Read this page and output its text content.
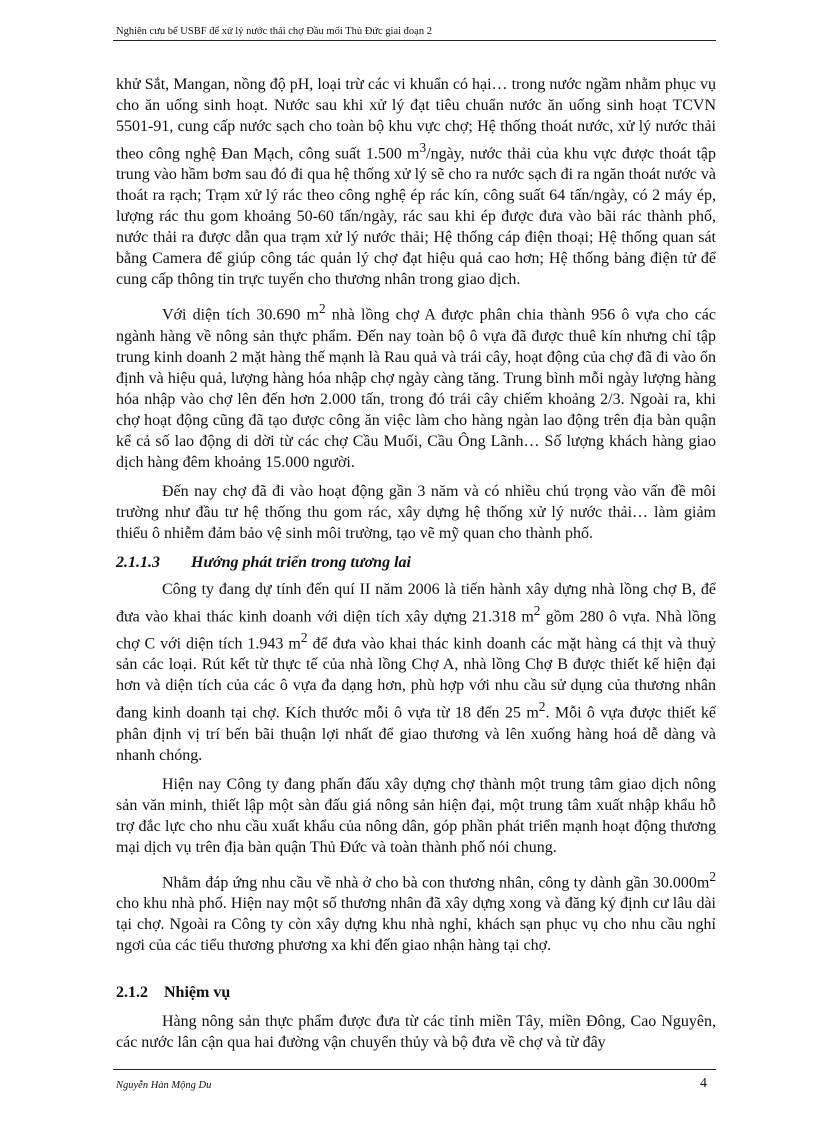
Nghiên cưu bể USBF để xử lý nước thải chợ Đầu mối Thủ Đức giai đoạn 2

khử Sắt, Mangan, nồng độ pH, loại trừ các vi khuẩn có hại… trong nước ngầm nhằm phục vụ cho ăn uống sinh hoạt. Nước sau khi xử lý đạt tiêu chuẩn nước ăn uống sinh hoạt TCVN 5501-91, cung cấp nước sạch cho toàn bộ khu vực chợ; Hệ thống thoát nước, xử lý nước thải theo công nghệ Đan Mạch, công suất 1.500 $m^3$/ngày, nước thải của khu vực được thoát tập trung vào hầm bơm sau đó đi qua hệ thống xử lý sẽ cho ra nước sạch đi ra ngăn thoát nước và thoát ra rạch; Trạm xử lý rác theo công nghệ ép rác kín, công suất 64 tấn/ngày, có 2 máy ép, lượng rác thu gom khoảng 50-60 tấn/ngày, rác sau khi ép được đưa vào bãi rác thành phố, nước thải ra được dẫn qua trạm xử lý nước thải; Hệ thống cáp điện thoại; Hệ thống quan sát bằng Camera để giúp công tác quản lý chợ đạt hiệu quả cao hơn; Hệ thống bảng điện tử để cung cấp thông tin trực tuyến cho thương nhân trong giao dịch.

Với diện tích 30.690 $m^2$ nhà lồng chợ A được phân chia thành 956 ô vựa cho các ngành hàng về nông sản thực phẩm. Đến nay toàn bộ ô vựa đã được thuê kín nhưng chỉ tập trung kinh doanh 2 mặt hàng thế mạnh là Rau quả và trái cây, hoạt động của chợ đã đi vào ổn định và hiệu quả, lượng hàng hóa nhập chợ ngày càng tăng. Trung bình mỗi ngày lượng hàng hóa nhập vào chợ lên đến hơn 2.000 tấn, trong đó trái cây chiếm khoảng 2/3. Ngoài ra, khi chợ hoạt động cũng đã tạo được công ăn việc làm cho hàng ngàn lao động trên địa bàn quận kể cả số lao động di dời từ các chợ Cầu Muối, Cầu Ông Lãnh… Số lượng khách hàng giao dịch hàng đêm khoảng 15.000 người.

Đến nay chợ đã đi vào hoạt động gần 3 năm và có nhiều chú trọng vào vấn đề môi trường như đầu tư hệ thống thu gom rác, xây dựng hệ thống xử lý nước thải… làm giảm thiểu ô nhiễm đảm bảo vệ sinh môi trường, tạo vẽ mỹ quan cho thành phố.

2.1.1.3	Hướng phát triển trong tương lai

Công ty đang dự tính đến quí II năm 2006 là tiến hành xây dựng nhà lồng chợ B, để đưa vào khai thác kinh doanh với diện tích xây dựng 21.318 $m^2$ gồm 280 ô vựa. Nhà lồng chợ C với diện tích 1.943 $m^2$ để đưa vào khai thác kinh doanh các mặt hàng cá thịt và thuỷ sản các loại. Rút kết từ thực tế của nhà lồng Chợ A, nhà lồng Chợ B được thiết kế hiện đại hơn và diện tích của các ô vựa đa dạng hơn, phù hợp với nhu cầu sử dụng của thương nhân đang kinh doanh tại chợ. Kích thước mỗi ô vựa từ 18 đến 25 $m^2$. Mỗi ô vựa được thiết kế phân định vị trí bến bãi thuận lợi nhất để giao thương và lên xuống hàng hoá dễ dàng và nhanh chóng.

Hiện nay Công ty đang phấn đấu xây dựng chợ thành một trung tâm giao dịch nông sản văn minh, thiết lập một sàn đấu giá nông sản hiện đại, một trung tâm xuất nhập khẩu hỗ trợ đắc lực cho nhu cầu xuất khẩu của nông dân, góp phần phát triển mạnh hoạt động thương mại dịch vụ trên địa bàn quận Thủ Đức và toàn thành phố nói chung.

Nhằm đáp ứng nhu cầu về nhà ở cho bà con thương nhân, công ty dành gần $30.000m^2$ cho khu nhà phố. Hiện nay một số thương nhân đã xây dựng xong và đăng ký định cư lâu dài tại chợ. Ngoài ra Công ty còn xây dựng khu nhà nghỉ, khách sạn phục vụ cho nhu cầu nghỉ ngơi của các tiểu thương phương xa khi đến giao nhận hàng tại chợ.

2.1.2	Nhiệm vụ

Hàng nông sản thực phẩm được đưa từ các tỉnh miền Tây, miền Đông, Cao Nguyên, các nước lân cận qua hai đường vận chuyển thủy và bộ đưa về chợ và từ đây

Nguyễn Hàn Mộng Du	4
